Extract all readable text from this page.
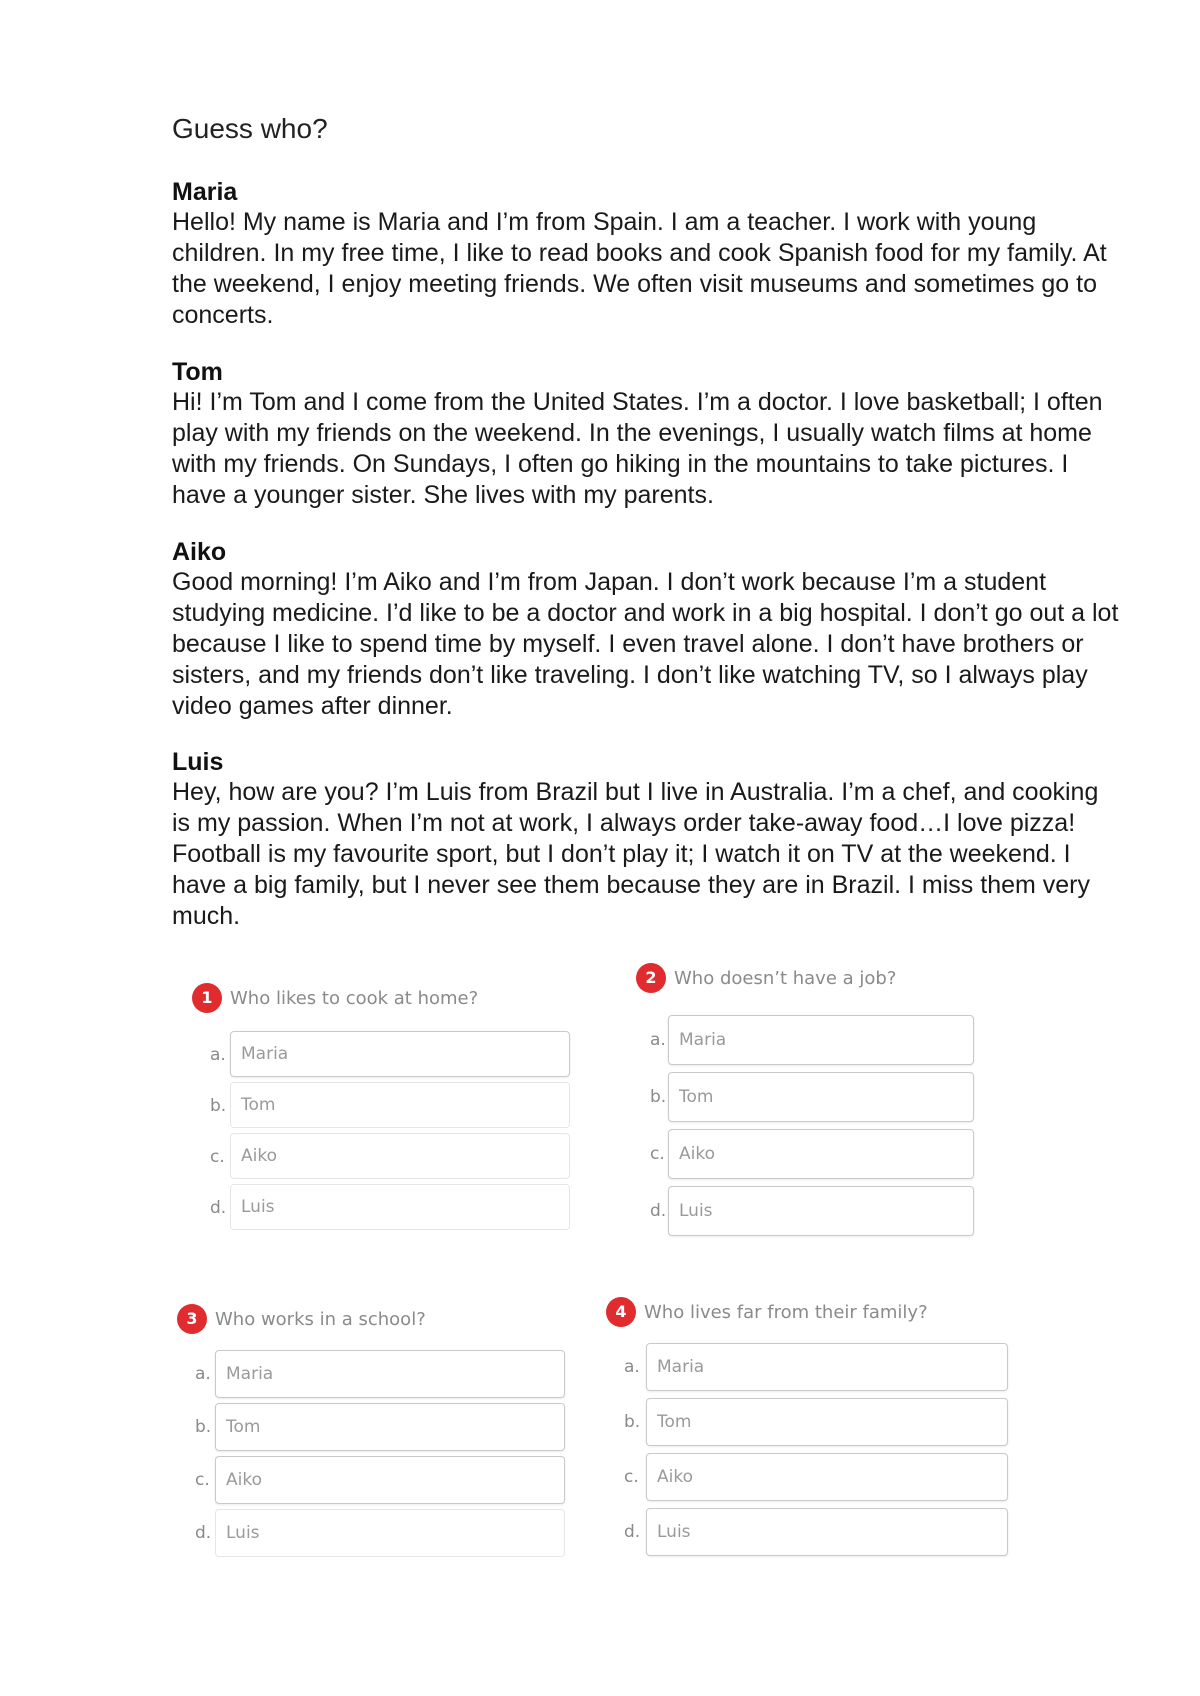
Guess who?
Maria
Hello! My name is Maria and I’m from Spain. I am a teacher. I work with young children. In my free time, I like to read books and cook Spanish food for my family. At the weekend, I enjoy meeting friends. We often visit museums and sometimes go to concerts.
Tom
Hi! I’m Tom and I come from the United States. I’m a doctor. I love basketball; I often play with my friends on the weekend. In the evenings, I usually watch films at home with my friends. On Sundays, I often go hiking in the mountains to take pictures. I have a younger sister. She lives with my parents.
Aiko
Good morning! I’m Aiko and I’m from Japan. I don’t work because I’m a student studying medicine. I’d like to be a doctor and work in a big hospital. I don’t go out a lot because I like to spend time by myself. I even travel alone. I don’t have brothers or sisters, and my friends don’t like traveling. I don’t like watching TV, so I always play video games after dinner.
Luis
Hey, how are you? I’m Luis from Brazil but I live in Australia. I’m a chef, and cooking is my passion. When I’m not at work, I always order take-away food…I love pizza! Football is my favourite sport, but I don’t play it; I watch it on TV at the weekend. I have a big family, but I never see them because they are in Brazil. I miss them very much.
1 Who likes to cook at home?
a. Maria
b. Tom
c. Aiko
d. Luis
2 Who doesn’t have a job?
a. Maria
b. Tom
c. Aiko
d. Luis
3 Who works in a school?
a. Maria
b. Tom
c. Aiko
d. Luis
4 Who lives far from their family?
a. Maria
b. Tom
c. Aiko
d. Luis
